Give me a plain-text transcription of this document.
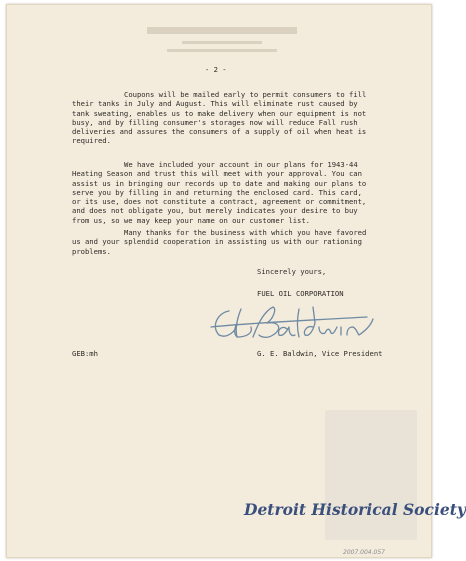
- 2 -

Coupons will be mailed early to permit consumers to fill
their tanks in July and August. This will eliminate rust caused by
tank sweating, enables us to make delivery when our equipment is not
busy, and by filling consumer's storages now will reduce Fall rush
deliveries and assures the consumers of a supply of oil when heat is
required.

We have included your account in our plans for 1943-44
Heating Season and trust this will meet with your approval. You can
assist us in bringing our records up to date and making our plans to
serve you by filling in and returning the enclosed card. This card,
or its use, does not constitute a contract, agreement or commitment,
and does not obligate you, but merely indicates your desire to buy
from us, so we may keep your name on our customer list.

Many thanks for the business with which you have favored
us and your splendid cooperation in assisting us with our rationing
problems.

Sincerely yours,

FUEL OIL CORPORATION

GEB:mh	G. E. Baldwin, Vice President

Detroit Historical Society

2007.004.057
